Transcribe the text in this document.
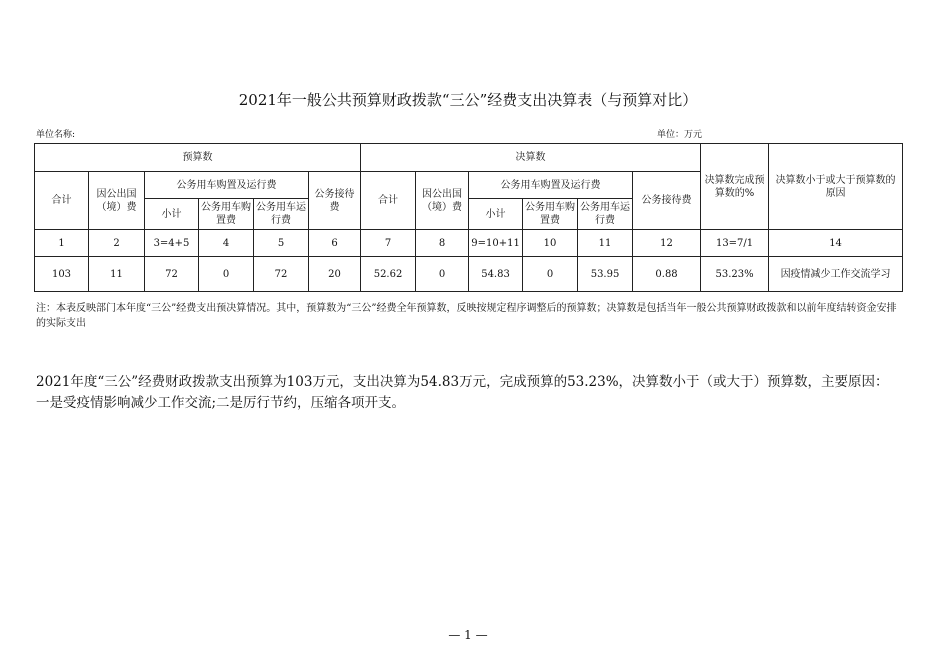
2021年一般公共预算财政拨款“三公”经费支出决算表（与预算对比）
单位名称:	单位：万元
预算数						决算数						决算数完成预算数的%	决算数小于或大于预算数的原因
合计	因公出国（境）费	公务用车购置及运行费			公务接待费	合计	因公出国（境）费	公务用车购置及运行费			公务接待费		
		小计	公务用车购置费	公务用车运行费				小计	公务用车购置费	公务用车运行费			
1	2	3=4+5	4	5	6	7	8	9=10+11	10	11	12	13=7/1	14
103	11	72	0	72	20	52.62	0	54.83	0	53.95	0.88	53.23%	因疫情减少工作交流学习
注：本表反映部门本年度“三公”经费支出预决算情况。其中，预算数为“三公”经费全年预算数，反映按规定程序调整后的预算数；决算数是包括当年一般公共预算财政拨款和以前年度结转资金安排的实际支出
2021年度“三公”经费财政拨款支出预算为103万元，支出决算为54.83万元，完成预算的53.23%，决算数小于（或大于）预算数，主要原因：一是受疫情影响减少工作交流;二是厉行节约，压缩各项开支。
— 1 —
